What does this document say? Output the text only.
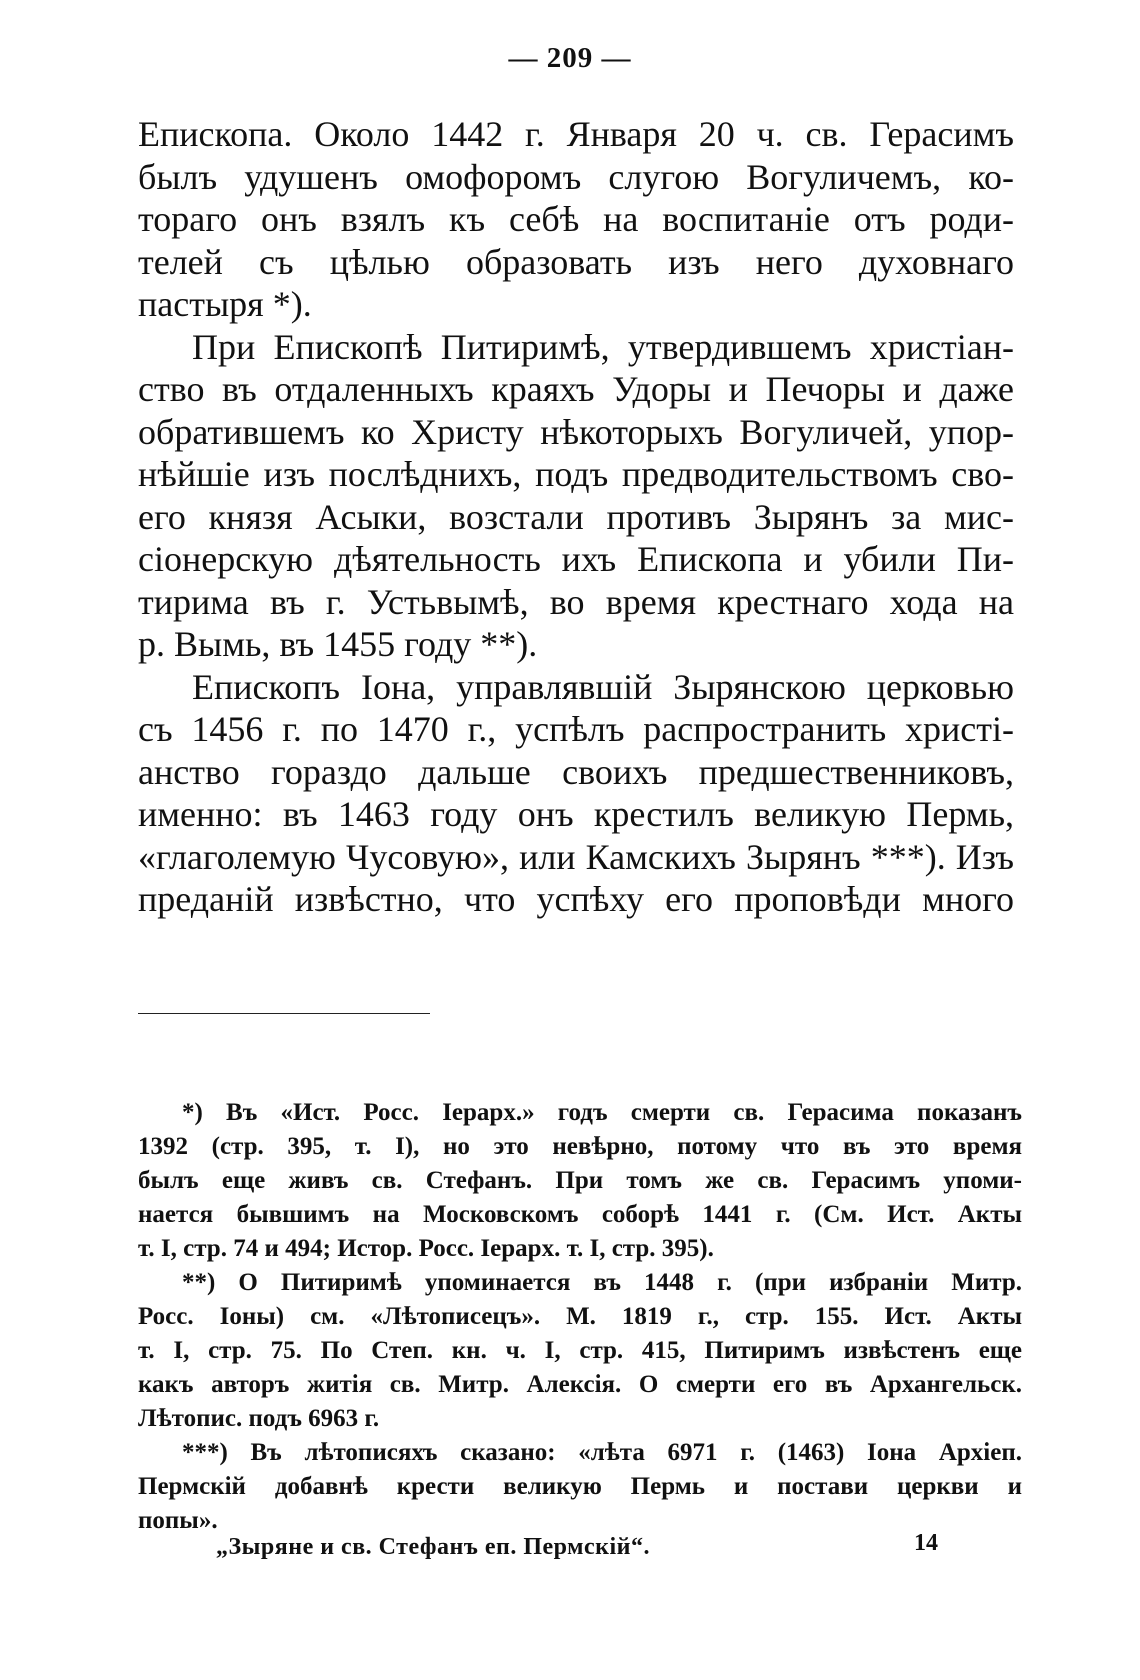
— 209 —
Епископа. Около 1442 г. Января 20 ч. св. Герасимъ
былъ удушенъ омофоромъ слугою Вогуличемъ, ко-
тораго онъ взялъ къ себѣ на воспитаніе отъ роди-
телей съ цѣлью образовать изъ него духовнаго
пастыря *).
При Епископѣ Питиримѣ, утвердившемъ христіан-
ство въ отдаленныхъ краяхъ Удоры и Печоры и даже
обратившемъ ко Христу нѣкоторыхъ Вогуличей, упор-
нѣйшіе изъ послѣднихъ, подъ предводительствомъ сво-
его князя Асыки, возстали противъ Зырянъ за мис-
сіонерскую дѣятельность ихъ Епископа и убили Пи-
тирима въ г. Устьвымѣ, во время крестнаго хода на
р. Вымь, въ 1455 году **).
Епископъ Іона, управлявшій Зырянскою церковью
съ 1456 г. по 1470 г., успѣлъ распространить христі-
анство гораздо дальше своихъ предшественниковъ,
именно: въ 1463 году онъ крестилъ великую Пермь,
«глаголемую Чусовую», или Камскихъ Зырянъ ***). Изъ
преданій извѣстно, что успѣху его проповѣди много
*) Въ «Ист. Росс. Іерарх.» годъ смерти св. Герасима показанъ
1392 (стр. 395, т. I), но это невѣрно, потому что въ это время
былъ еще живъ св. Стефанъ. При томъ же св. Герасимъ упоми-
нается бывшимъ на Московскомъ соборѣ 1441 г. (См. Ист. Акты
т. I, стр. 74 и 494; Истор. Росс. Іерарх. т. I, стр. 395).
**) О Питиримѣ упоминается въ 1448 г. (при избраніи Митр.
Росс. Іоны) см. «Лѣтописецъ». М. 1819 г., стр. 155. Ист. Акты
т. I, стр. 75. По Степ. кн. ч. I, стр. 415, Питиримъ извѣстенъ еще
какъ авторъ житія св. Митр. Алексія. О смерти его въ Архангельск.
Лѣтопис. подъ 6963 г.
***) Въ лѣтописяхъ сказано: «лѣта 6971 г. (1463) Іона Архіеп.
Пермскій добавнѣ крести великую Пермь и постави церкви и
попы».
„Зыряне и св. Стефанъ еп. Пермскій“.	14
